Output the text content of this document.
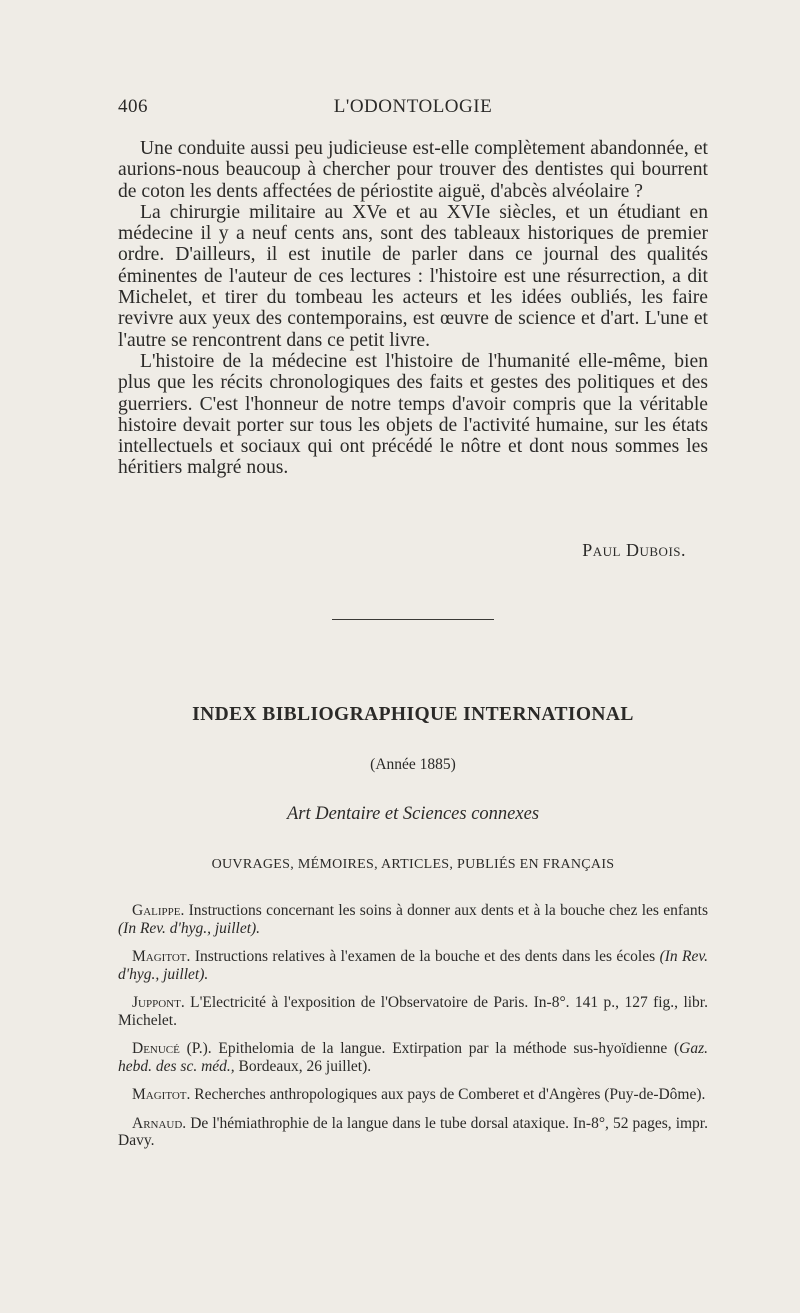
406	L'ODONTOLOGIE

Une conduite aussi peu judicieuse est-elle complètement abandonnée, et aurions-nous beaucoup à chercher pour trouver des dentistes qui bourrent de coton les dents affectées de périostite aiguë, d'abcès alvéolaire ?

La chirurgie militaire au XVe et au XVIe siècles, et un étudiant en médecine il y a neuf cents ans, sont des tableaux historiques de premier ordre. D'ailleurs, il est inutile de parler dans ce journal des qualités éminentes de l'auteur de ces lectures : l'histoire est une résurrection, a dit Michelet, et tirer du tombeau les acteurs et les idées oubliés, les faire revivre aux yeux des contemporains, est œuvre de science et d'art. L'une et l'autre se rencontrent dans ce petit livre.

L'histoire de la médecine est l'histoire de l'humanité elle-même, bien plus que les récits chronologiques des faits et gestes des politiques et des guerriers. C'est l'honneur de notre temps d'avoir compris que la véritable histoire devait porter sur tous les objets de l'activité humaine, sur les états intellectuels et sociaux qui ont précédé le nôtre et dont nous sommes les héritiers malgré nous.

Paul Dubois.
INDEX BIBLIOGRAPHIQUE INTERNATIONAL
(Année 1885)
Art Dentaire et Sciences connexes
OUVRAGES, MÉMOIRES, ARTICLES, PUBLIÉS EN FRANÇAIS

Galippe. Instructions concernant les soins à donner aux dents et à la bouche chez les enfants (In Rev. d'hyg., juillet).

Magitot. Instructions relatives à l'examen de la bouche et des dents dans les écoles (In Rev. d'hyg., juillet).

Juppont. L'Electricité à l'exposition de l'Observatoire de Paris. In-8°. 141 p., 127 fig., libr. Michelet.

Denucé (P.). Epithelomia de la langue. Extirpation par la méthode sus-hyoïdienne (Gaz. hebd. des sc. méd., Bordeaux, 26 juillet).

Magitot. Recherches anthropologiques aux pays de Comberet et d'Angères (Puy-de-Dôme).

Arnaud. De l'hémiathrophie de la langue dans le tube dorsal ataxique. In-8°, 52 pages, impr. Davy.
